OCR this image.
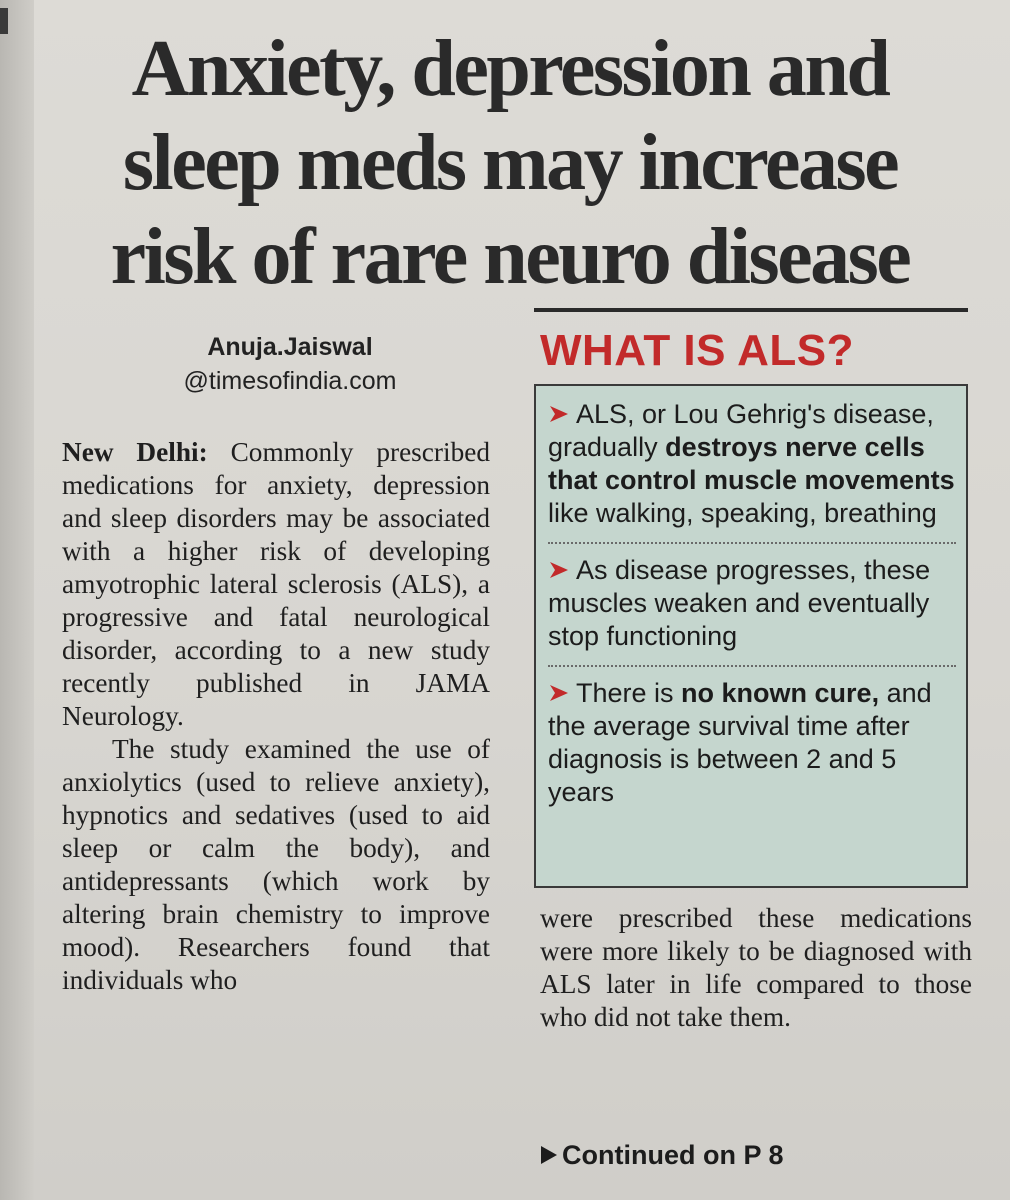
Anxiety, depression and
sleep meds may increase
risk of rare neuro disease
Anuja.Jaiswal
@timesofindia.com

New Delhi: Commonly prescribed medications for anxiety, depression and sleep disorders may be associated with a higher risk of developing amyotrophic lateral sclerosis (ALS), a progressive and fatal neurological disorder, according to a new study recently published in JAMA Neurology.

The study examined the use of anxiolytics (used to relieve anxiety), hypnotics and sedatives (used to aid sleep or calm the body), and antidepressants (which work by altering brain chemistry to improve mood). Researchers found that individuals who

WHAT IS ALS?

ALS, or Lou Gehrig's disease, gradually destroys nerve cells that control muscle movements like walking, speaking, breathing

As disease progresses, these muscles weaken and eventually stop functioning

There is no known cure, and the average survival time after diagnosis is between 2 and 5 years

were prescribed these medications were more likely to be diagnosed with ALS later in life compared to those who did not take them.

Continued on P 8
